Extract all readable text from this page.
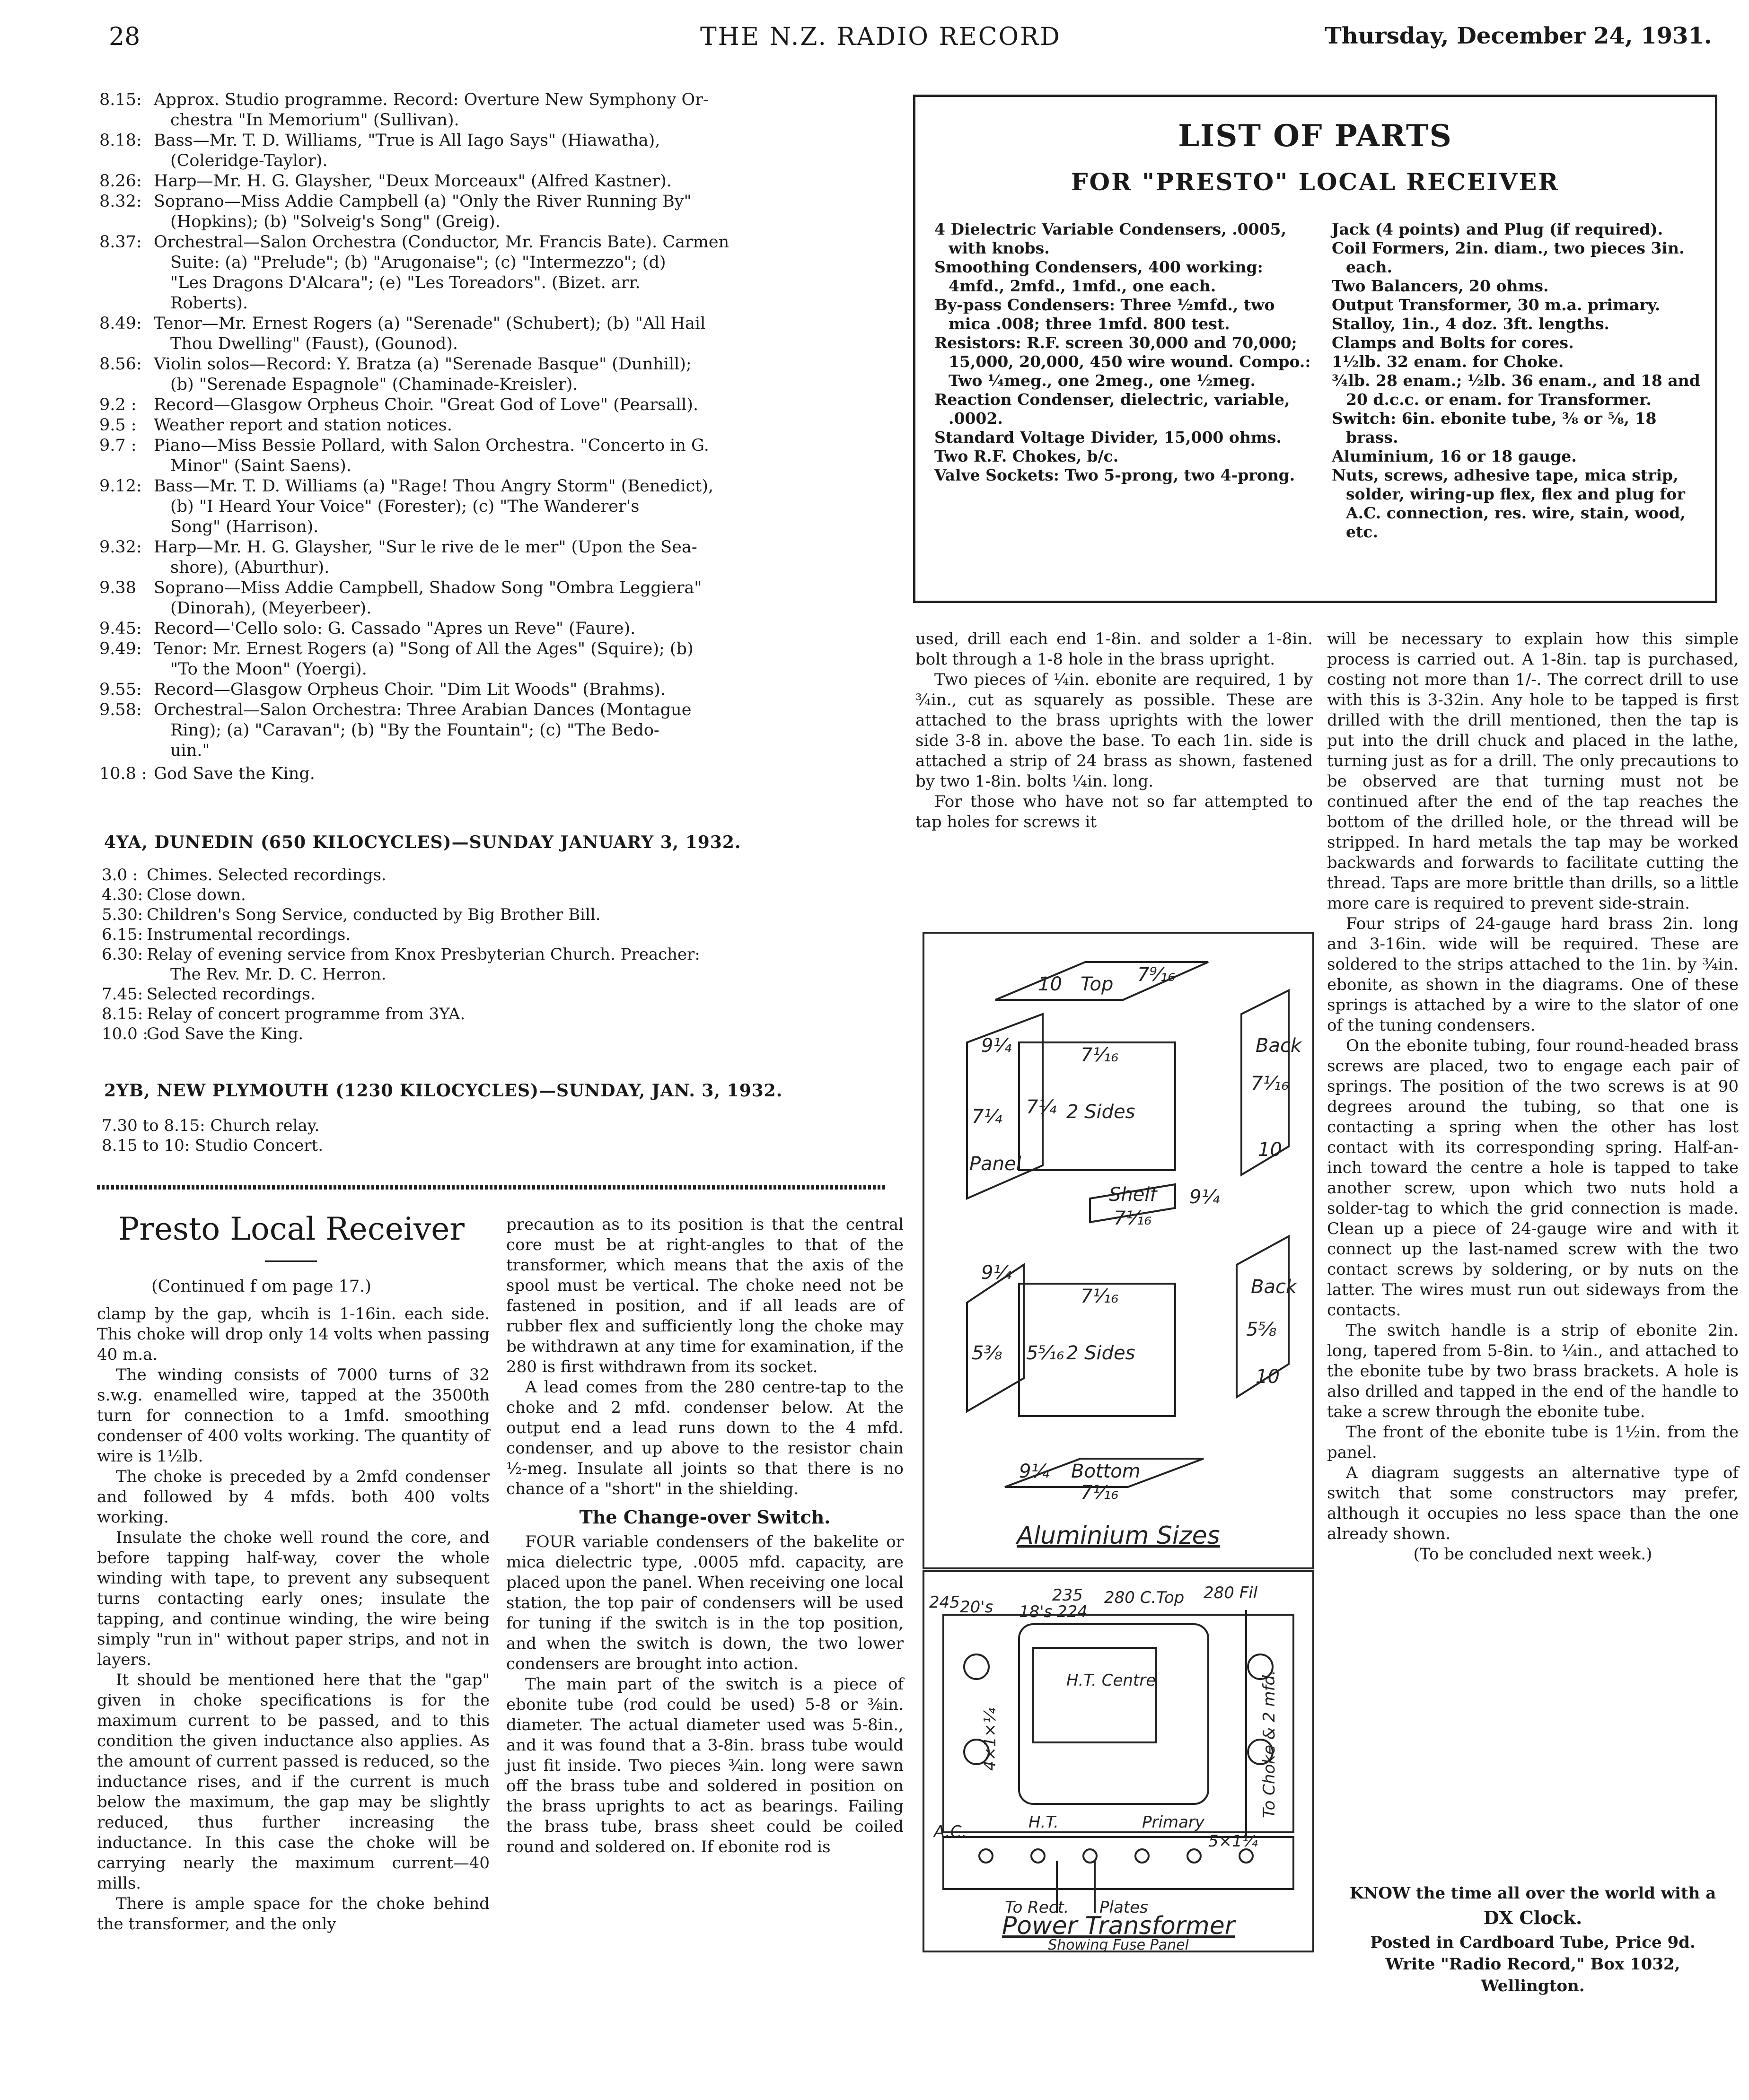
28	THE N.Z. RADIO RECORD	Thursday, December 24, 1931.
8.15: Approx. Studio programme. Record: Overture New Symphony Or-
chestra "In Memorium" (Sullivan).
8.18: Bass—Mr. T. D. Williams, "True is All Iago Says" (Hiawatha),
(Coleridge-Taylor).
8.26: Harp—Mr. H. G. Glaysher, "Deux Morceaux" (Alfred Kastner).
8.32: Soprano—Miss Addie Campbell (a) "Only the River Running By"
(Hopkins); (b) "Solveig's Song" (Greig).
8.37: Orchestral—Salon Orchestra (Conductor, Mr. Francis Bate). Carmen
Suite: (a) "Prelude"; (b) "Arugonaise"; (c) "Intermezzo"; (d)
"Les Dragons D'Alcara"; (e) "Les Toreadors". (Bizet. arr.
Roberts).
8.49: Tenor—Mr. Ernest Rogers (a) "Serenade" (Schubert); (b) "All Hail
Thou Dwelling" (Faust), (Gounod).
8.56: Violin solos—Record: Y. Bratza (a) "Serenade Basque" (Dunhill);
(b) "Serenade Espagnole" (Chaminade-Kreisler).
9.2 :	Record—Glasgow Orpheus Choir. "Great God of Love" (Pearsall).
9.5 :	Weather report and station notices.
9.7 :	Piano—Miss Bessie Pollard, with Salon Orchestra. "Concerto in G.
Minor" (Saint Saens).
9.12: Bass—Mr. T. D. Williams (a) "Rage! Thou Angry Storm" (Benedict),
(b) "I Heard Your Voice" (Forester); (c) "The Wanderer's
Song" (Harrison).
9.32: Harp—Mr. H. G. Glaysher, "Sur le rive de le mer" (Upon the Sea-
shore), (Aburthur).
9.38	Soprano—Miss Addie Campbell, Shadow Song "Ombra Leggiera"
(Dinorah), (Meyerbeer).
9.45: Record—'Cello solo: G. Cassado "Apres un Reve" (Faure).
9.49: Tenor: Mr. Ernest Rogers (a) "Song of All the Ages" (Squire); (b)
"To the Moon" (Yoergi).
9.55: Record—Glasgow Orpheus Choir. "Dim Lit Woods" (Brahms).
9.58: Orchestral—Salon Orchestra: Three Arabian Dances (Montague
Ring); (a) "Caravan"; (b) "By the Fountain"; (c) "The Bedo-
uin."
10.8 : God Save the King.
4YA, DUNEDIN (650 KILOCYCLES)—SUNDAY JANUARY 3, 1932.
3.0 : Chimes. Selected recordings.
4.30: Close down.
5.30: Children's Song Service, conducted by Big Brother Bill.
6.15: Instrumental recordings.
6.30: Relay of evening service from Knox Presbyterian Church. Preacher:
The Rev. Mr. D. C. Herron.
7.45: Selected recordings.
8.15: Relay of concert programme from 3YA.
10.0 :
God Save the King.
2YB, NEW PLYMOUTH (1230 KILOCYCLES)—SUNDAY, JAN. 3, 1932.
7.30 to 8.15: Church relay.
8.15 to 10: Studio Concert.
LIST OF PARTS
FOR "PRESTO" LOCAL RECEIVER
4 Dielectric Variable Condensers, .0005, with knobs.
Smoothing Condensers, 400 working: 4mfd., 2mfd., 1mfd., one each.
By-pass Condensers: Three ½mfd., two mica .008; three 1mfd. 800 test.
Resistors: R.F. screen 30,000 and 70,000; 15,000, 20,000, 450 wire wound. Compo.: Two ¼meg., one 2meg., one ½meg.
Reaction Condenser, dielectric, variable, .0002.
Standard Voltage Divider, 15,000 ohms.
Two R.F. Chokes, b/c.
Valve Sockets: Two 5-prong, two 4-prong.
Jack (4 points) and Plug (if required).
Coil Formers, 2in. diam., two pieces 3in. each.
Two Balancers, 20 ohms.
Output Transformer, 30 m.a. primary.
Stalloy, 1in., 4 doz. 3ft. lengths.
Clamps and Bolts for cores.
1½lb. 32 enam. for Choke.
¾lb. 28 enam.; ½lb. 36 enam., and 18 and 20 d.c.c. or enam. for Transformer.
Switch: 6in. ebonite tube, ⅜ or ⅝, 18 brass.
Aluminium, 16 or 18 gauge.
Nuts, screws, adhesive tape, mica strip, solder, wiring-up flex, flex and plug for A.C. connection, res. wire, stain, wood, etc.
Presto Local Receiver
(Continued f om page 17.)

clamp by the gap, whcih is 1-16in. each side. This choke will drop only 14 volts when passing 40 m.a.

The winding consists of 7000 turns of 32 s.w.g. enamelled wire, tapped at the 3500th turn for connection to a 1mfd. smoothing condenser of 400 volts working. The quantity of wire is 1½lb.

The choke is preceded by a 2mfd condenser and followed by 4 mfds. both 400 volts working.

Insulate the choke well round the core, and before tapping half-way, cover the whole winding with tape, to prevent any subsequent turns contacting early ones; insulate the tapping, and continue winding, the wire being simply "run in" without paper strips, and not in layers.

It should be mentioned here that the "gap" given in choke specifications is for the maximum current to be passed, and to this condition the given inductance also applies. As the amount of current passed is reduced, so the inductance rises, and if the current is much below the maximum, the gap may be slightly reduced, thus further increasing the inductance. In this case the choke will be carrying nearly the maximum current—40 mills.

There is ample space for the choke behind the transformer, and the only

precaution as to its position is that the central core must be at right-angles to that of the transformer, which means that the axis of the spool must be vertical. The choke need not be fastened in position, and if all leads are of rubber flex and sufficiently long the choke may be withdrawn at any time for examination, if the 280 is first withdrawn from its socket.

A lead comes from the 280 centre-tap to the choke and 2 mfd. condenser below. At the output end a lead runs down to the 4 mfd. condenser, and up above to the resistor chain ½-meg. Insulate all joints so that there is no chance of a "short" in the shielding.

The Change-over Switch.

FOUR variable condensers of the bakelite or mica dielectric type, .0005 mfd. capacity, are placed upon the panel. When receiving one local station, the top pair of condensers will be used for tuning if the switch is in the top position, and when the switch is down, the two lower condensers are brought into action.

The main part of the switch is a piece of ebonite tube (rod could be used) 5-8 or ⅜in. diameter. The actual diameter used was 5-8in., and it was found that a 3-8in. brass tube would just fit inside. Two pieces ¾in. long were sawn off the brass tube and soldered in position on the brass uprights to act as bearings. Failing the brass tube, brass sheet could be coiled round and soldered on. If ebonite rod is

used, drill each end 1-8in. and solder a 1-8in. bolt through a 1-8 hole in the brass upright.

Two pieces of ¼in. ebonite are required, 1 by ¾in., cut as squarely as possible. These are attached to the brass uprights with the lower side 3-8 in. above the base. To each 1in. side is attached a strip of 24 brass as shown, fastened by two 1-8in. bolts ¼in. long.

For those who have not so far attempted to tap holes for screws it

will be necessary to explain how this simple process is carried out. A 1-8in. tap is purchased, costing not more than 1/-. The correct drill to use with this is 3-32in. Any hole to be tapped is first drilled with the drill mentioned, then the tap is put into the drill chuck and placed in the lathe, turning just as for a drill. The only precautions to be observed are that turning must not be continued after the end of the tap reaches the bottom of the drilled hole, or the thread will be stripped. In hard metals the tap may be worked backwards and forwards to facilitate cutting the thread. Taps are more brittle than drills, so a little more care is required to prevent side-strain.

Four strips of 24-gauge hard brass 2in. long and 3-16in. wide will be required. These are soldered to the strips attached to the 1in. by ¾in. ebonite, as shown in the diagrams. One of these springs is attached by a wire to the slator of one of the tuning condensers.

On the ebonite tubing, four round-headed brass screws are placed, two to engage each pair of springs. The position of the two screws is at 90 degrees around the tubing, so that one is contacting a spring when the other has lost contact with its corresponding spring. Half-an-inch toward the centre a hole is tapped to take another screw, upon which two nuts hold a solder-tag to which the grid connection is made. Clean up a piece of 24-gauge wire and with it connect up the last-named screw with the two contact screws by soldering, or by nuts on the latter. The wires must run out sideways from the contacts.

The switch handle is a strip of ebonite 2in. long, tapered from 5-8in. to ¼in., and attached to the ebonite tube by two brass brackets. A hole is also drilled and tapped in the end of the handle to take a screw through the ebonite tube.

The front of the ebonite tube is 1½in. from the panel.

A diagram suggests an alternative type of switch that some constructors may prefer, although it occupies no less space than the one already shown.

(To be concluded next week.)

Top 7⁹⁄₁₆
10
2 Sides
7¹⁄₁₆
7¼
7¼
9¼
Panel
Back
7¹⁄₁₆
10
Shelf
7¹⁄₁₆
9¼
2 Sides
7¹⁄₁₆
5⁵⁄₁₆
5⅜
9¼
Back
5⅝
10
Bottom
7¹⁄₁₆
9¼
Aluminium Sizes
245 20's
235
224
18's
280 C.Top 280 Fil
H.T. Centre
4×1×¼	To Choke & 2 mfd.
H.T.	Primary
5×1¼
A.C.
To Rect. Plates
Power Transformer
Showing Fuse Panel
KNOW the time all over the world with a
DX Clock.
Posted in Cardboard Tube, Price 9d.
Write "Radio Record," Box 1032, Wellington.
